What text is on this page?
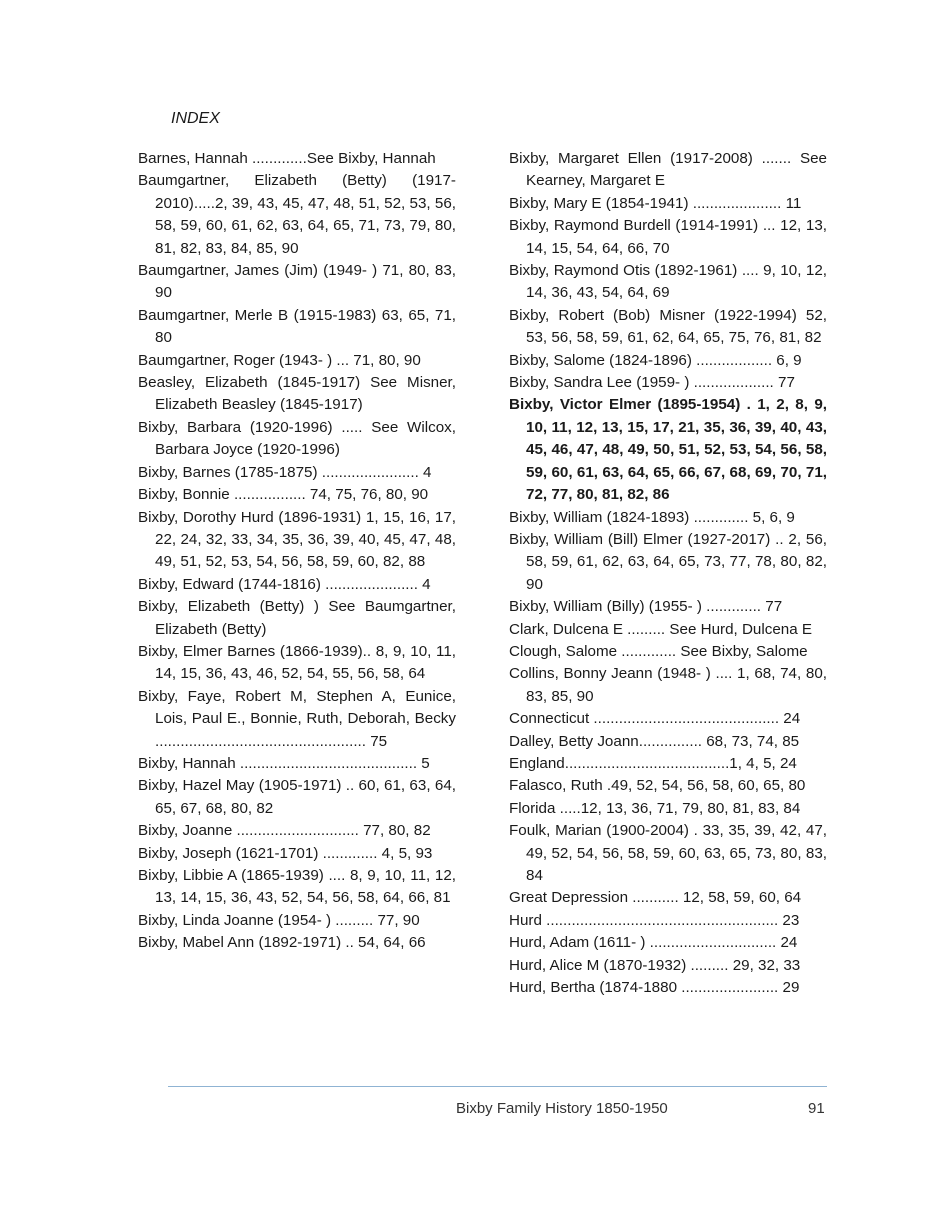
INDEX
Barnes, Hannah .............See Bixby, Hannah
Baumgartner, Elizabeth (Betty) (1917-2010).....2, 39, 43, 45, 47, 48, 51, 52, 53, 56, 58, 59, 60, 61, 62, 63, 64, 65, 71, 73, 79, 80, 81, 82, 83, 84, 85, 90
Baumgartner, James (Jim) (1949- ) 71, 80, 83, 90
Baumgartner, Merle B (1915-1983) 63, 65, 71, 80
Baumgartner, Roger (1943- ) ... 71, 80, 90
Beasley, Elizabeth (1845-1917) See Misner, Elizabeth Beasley (1845-1917)
Bixby, Barbara (1920-1996) ..... See Wilcox, Barbara Joyce (1920-1996)
Bixby, Barnes (1785-1875) ....................... 4
Bixby, Bonnie ................. 74, 75, 76, 80, 90
Bixby, Dorothy Hurd (1896-1931) 1, 15, 16, 17, 22, 24, 32, 33, 34, 35, 36, 39, 40, 45, 47, 48, 49, 51, 52, 53, 54, 56, 58, 59, 60, 82, 88
Bixby, Edward (1744-1816) ...................... 4
Bixby, Elizabeth (Betty) ) See Baumgartner, Elizabeth (Betty)
Bixby, Elmer Barnes (1866-1939).. 8, 9, 10, 11, 14, 15, 36, 43, 46, 52, 54, 55, 56, 58, 64
Bixby, Faye, Robert M, Stephen A, Eunice, Lois, Paul E., Bonnie, Ruth, Deborah, Becky .................................................. 75
Bixby, Hannah .......................................... 5
Bixby, Hazel May (1905-1971) .. 60, 61, 63, 64, 65, 67, 68, 80, 82
Bixby, Joanne ............................. 77, 80, 82
Bixby, Joseph (1621-1701) ............. 4, 5, 93
Bixby, Libbie A (1865-1939) .... 8, 9, 10, 11, 12, 13, 14, 15, 36, 43, 52, 54, 56, 58, 64, 66, 81
Bixby, Linda Joanne (1954- ) ......... 77, 90
Bixby, Mabel Ann (1892-1971) .. 54, 64, 66
Bixby, Margaret Ellen (1917-2008) ....... See Kearney, Margaret E
Bixby, Mary E (1854-1941) ..................... 11
Bixby, Raymond Burdell (1914-1991) ... 12, 13, 14, 15, 54, 64, 66, 70
Bixby, Raymond Otis (1892-1961) .... 9, 10, 12, 14, 36, 43, 54, 64, 69
Bixby, Robert (Bob) Misner (1922-1994) 52, 53, 56, 58, 59, 61, 62, 64, 65, 75, 76, 81, 82
Bixby, Salome (1824-1896) .................. 6, 9
Bixby, Sandra Lee (1959- ) ................... 77
Bixby, Victor Elmer (1895-1954) . 1, 2, 8, 9, 10, 11, 12, 13, 15, 17, 21, 35, 36, 39, 40, 43, 45, 46, 47, 48, 49, 50, 51, 52, 53, 54, 56, 58, 59, 60, 61, 63, 64, 65, 66, 67, 68, 69, 70, 71, 72, 77, 80, 81, 82, 86
Bixby, William (1824-1893) ............. 5, 6, 9
Bixby, William (Bill) Elmer (1927-2017) .. 2, 56, 58, 59, 61, 62, 63, 64, 65, 73, 77, 78, 80, 82, 90
Bixby, William (Billy) (1955- ) ............. 77
Clark, Dulcena E ......... See Hurd, Dulcena E
Clough, Salome ............. See Bixby, Salome
Collins, Bonny Jeann (1948- ) .... 1, 68, 74, 80, 83, 85, 90
Connecticut ............................................ 24
Dalley, Betty Joann............... 68, 73, 74, 85
England.......................................1, 4, 5, 24
Falasco, Ruth .49, 52, 54, 56, 58, 60, 65, 80
Florida .....12, 13, 36, 71, 79, 80, 81, 83, 84
Foulk, Marian (1900-2004) . 33, 35, 39, 42, 47, 49, 52, 54, 56, 58, 59, 60, 63, 65, 73, 80, 83, 84
Great Depression ........... 12, 58, 59, 60, 64
Hurd ....................................................... 23
Hurd, Adam (1611- ) .............................. 24
Hurd, Alice M (1870-1932) ......... 29, 32, 33
Hurd, Bertha (1874-1880 ....................... 29
Bixby Family History 1850-1950	91
